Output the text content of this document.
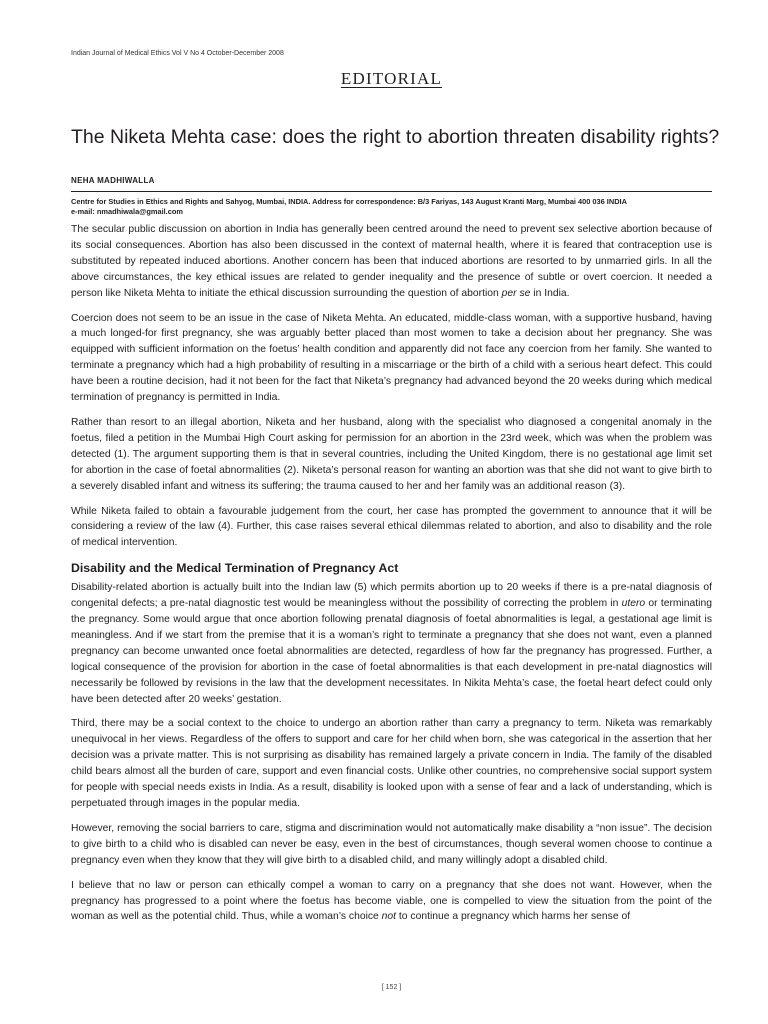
Indian Journal of Medical Ethics Vol V No 4 October-December 2008
EDITORIAL
The Niketa Mehta case: does the right to abortion threaten disability rights?
NEHA MADHIWALLA
Centre for Studies in Ethics and Rights and Sahyog, Mumbai, INDIA. Address for correspondence: B/3 Fariyas, 143 August Kranti Marg, Mumbai 400 036 INDIA
e-mail: nmadhiwala@gmail.com

The secular public discussion on abortion in India has generally been centred around the need to prevent sex selective abortion because of its social consequences. Abortion has also been discussed in the context of maternal health, where it is feared that contraception use is substituted by repeated induced abortions. Another concern has been that induced abortions are resorted to by unmarried girls. In all the above circumstances, the key ethical issues are related to gender inequality and the presence of subtle or overt coercion. It needed a person like Niketa Mehta to initiate the ethical discussion surrounding the question of abortion per se in India.

Coercion does not seem to be an issue in the case of Niketa Mehta. An educated, middle-class woman, with a supportive husband, having a much longed-for first pregnancy, she was arguably better placed than most women to take a decision about her pregnancy. She was equipped with sufficient information on the foetus’ health condition and apparently did not face any coercion from her family. She wanted to terminate a pregnancy which had a high probability of resulting in a miscarriage or the birth of a child with a serious heart defect. This could have been a routine decision, had it not been for the fact that Niketa’s pregnancy had advanced beyond the 20 weeks during which medical termination of pregnancy is permitted in India.

Rather than resort to an illegal abortion, Niketa and her husband, along with the specialist who diagnosed a congenital anomaly in the foetus, filed a petition in the Mumbai High Court asking for permission for an abortion in the 23rd week, which was when the problem was detected (1). The argument supporting them is that in several countries, including the United Kingdom, there is no gestational age limit set for abortion in the case of foetal abnormalities (2). Niketa’s personal reason for wanting an abortion was that she did not want to give birth to a severely disabled infant and witness its suffering; the trauma caused to her and her family was an additional reason (3).

While Niketa failed to obtain a favourable judgement from the court, her case has prompted the government to announce that it will be considering a review of the law (4). Further, this case raises several ethical dilemmas related to abortion, and also to disability and the role of medical intervention.

Disability and the Medical Termination of Pregnancy Act

Disability-related abortion is actually built into the Indian law (5) which permits abortion up to 20 weeks if there is a pre-natal diagnosis of congenital defects; a pre-natal diagnostic test would be meaningless without the possibility of correcting the problem in utero or terminating the pregnancy. Some would argue that once abortion following prenatal diagnosis of foetal abnormalities is legal, a gestational age limit is meaningless. And if we start from the premise that it is a woman’s right to terminate a pregnancy that she does not want, even a planned pregnancy can become unwanted once foetal abnormalities are detected, regardless of how far the pregnancy has progressed. Further, a logical consequence of the provision for abortion in the case of foetal abnormalities is that each development in pre-natal diagnostics will necessarily be followed by revisions in the law that the development necessitates. In Nikita Mehta’s case, the foetal heart defect could only have been detected after 20 weeks’ gestation.

Third, there may be a social context to the choice to undergo an abortion rather than carry a pregnancy to term. Niketa was remarkably unequivocal in her views. Regardless of the offers to support and care for her child when born, she was categorical in the assertion that her decision was a private matter. This is not surprising as disability has remained largely a private concern in India. The family of the disabled child bears almost all the burden of care, support and even financial costs. Unlike other countries, no comprehensive social support system for people with special needs exists in India. As a result, disability is looked upon with a sense of fear and a lack of understanding, which is perpetuated through images in the popular media.

However, removing the social barriers to care, stigma and discrimination would not automatically make disability a “non issue”. The decision to give birth to a child who is disabled can never be easy, even in the best of circumstances, though several women choose to continue a pregnancy even when they know that they will give birth to a disabled child, and many willingly adopt a disabled child.

I believe that no law or person can ethically compel a woman to carry on a pregnancy that she does not want. However, when the pregnancy has progressed to a point where the foetus has become viable, one is compelled to view the situation from the point of the woman as well as the potential child. Thus, while a woman’s choice not to continue a pregnancy which harms her sense of

[ 152 ]
